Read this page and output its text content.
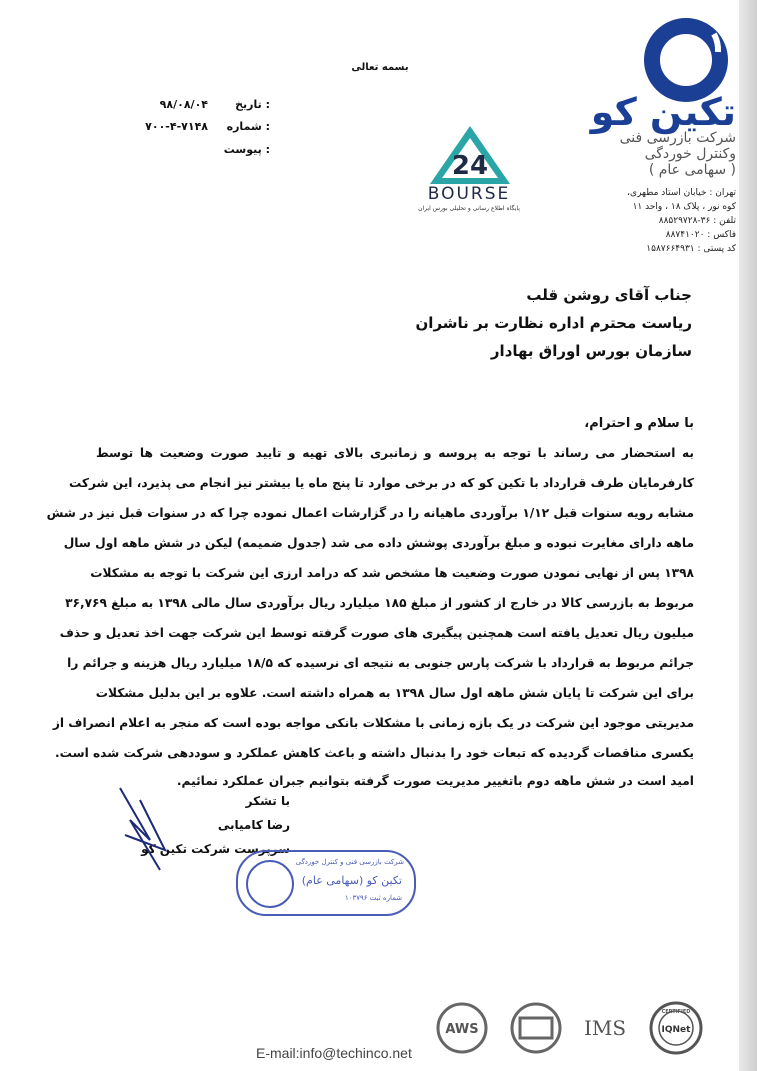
تکین کو
شرکت بازرسی فنی
وکنترل خوردگی
( سهامی عام )
تهران : خیابان استاد مطهری،
کوه نور ، پلاک ۱۸ ، واحد ۱۱
تلفن : ۳۶-۸۸۵۲۹۷۲۸
فاکس : ۸۸۷۴۱۰۲۰
کد پستی : ۱۵۸۷۶۶۴۹۳۱
24
BOURSE
پایگاه اطلاع رسانی و تحلیلی بورس ایران
بسمه تعالی
تاریخ :
۹۸/۰۸/۰۴
شماره :
۷۰۰-۴-۷۱۴۸
پیوست :
جناب آقای روشن قلب
ریاست محترم اداره نظارت بر ناشران
سازمان بورس اوراق بهادار
با سلام و احترام،
به استحضار می رساند با توجه به پروسه و زمانبری بالای تهیه و تایید صورت وضعیت ها توسط
کارفرمایان طرف قرارداد با تکین کو که در برخی موارد تا پنج ماه یا بیشتر نیز انجام می پذیرد، این شرکت
مشابه رویه سنوات قبل ۱/۱۲ برآوردی ماهیانه را در گزارشات اعمال نموده چرا که در سنوات قبل نیز در شش
ماهه دارای مغایرت نبوده و مبلغ برآوردی پوشش داده می شد (جدول ضمیمه) لیکن در شش ماهه اول سال
۱۳۹۸ پس از نهایی نمودن صورت وضعیت ها مشخص شد که درامد ارزی این شرکت با توجه به مشکلات
مربوط به بازرسی کالا در خارج از کشور از مبلغ ۱۸۵ میلیارد ریال برآوردی سال مالی ۱۳۹۸ به مبلغ ۳۶,۷۶۹
میلیون ریال تعدیل یافته است همچنین پیگیری های صورت گرفته توسط این شرکت جهت اخذ تعدیل و حذف
جرائم مربوط به قرارداد با شرکت پارس جنوبی به نتیجه ای نرسیده که ۱۸/۵ میلیارد ریال هزینه و جرائم را
برای این شرکت تا پایان شش ماهه اول سال ۱۳۹۸ به همراه داشته است. علاوه بر این بدلیل مشکلات
مدیریتی موجود این شرکت در یک بازه زمانی با مشکلات بانکی مواجه بوده است که منجر به اعلام انصراف از
یکسری مناقصات گردیده که تبعات خود را بدنبال داشته و باعث کاهش عملکرد و سوددهی شرکت شده است.
امید است در شش ماهه دوم باتغییر مدیریت صورت گرفته بتوانیم جبران عملکرد نمائیم.
با تشکر
رضا کامیابی
سرپرست شرکت تکین کو
شرکت بازرسی فنی و کنترل خوردگی
تکین کو (سهامی عام)
شماره ثبت ۱۰۳۷۹۶
AWS	IMS
CERTIFIED
IQNet
E-mail:info@techinco.net
